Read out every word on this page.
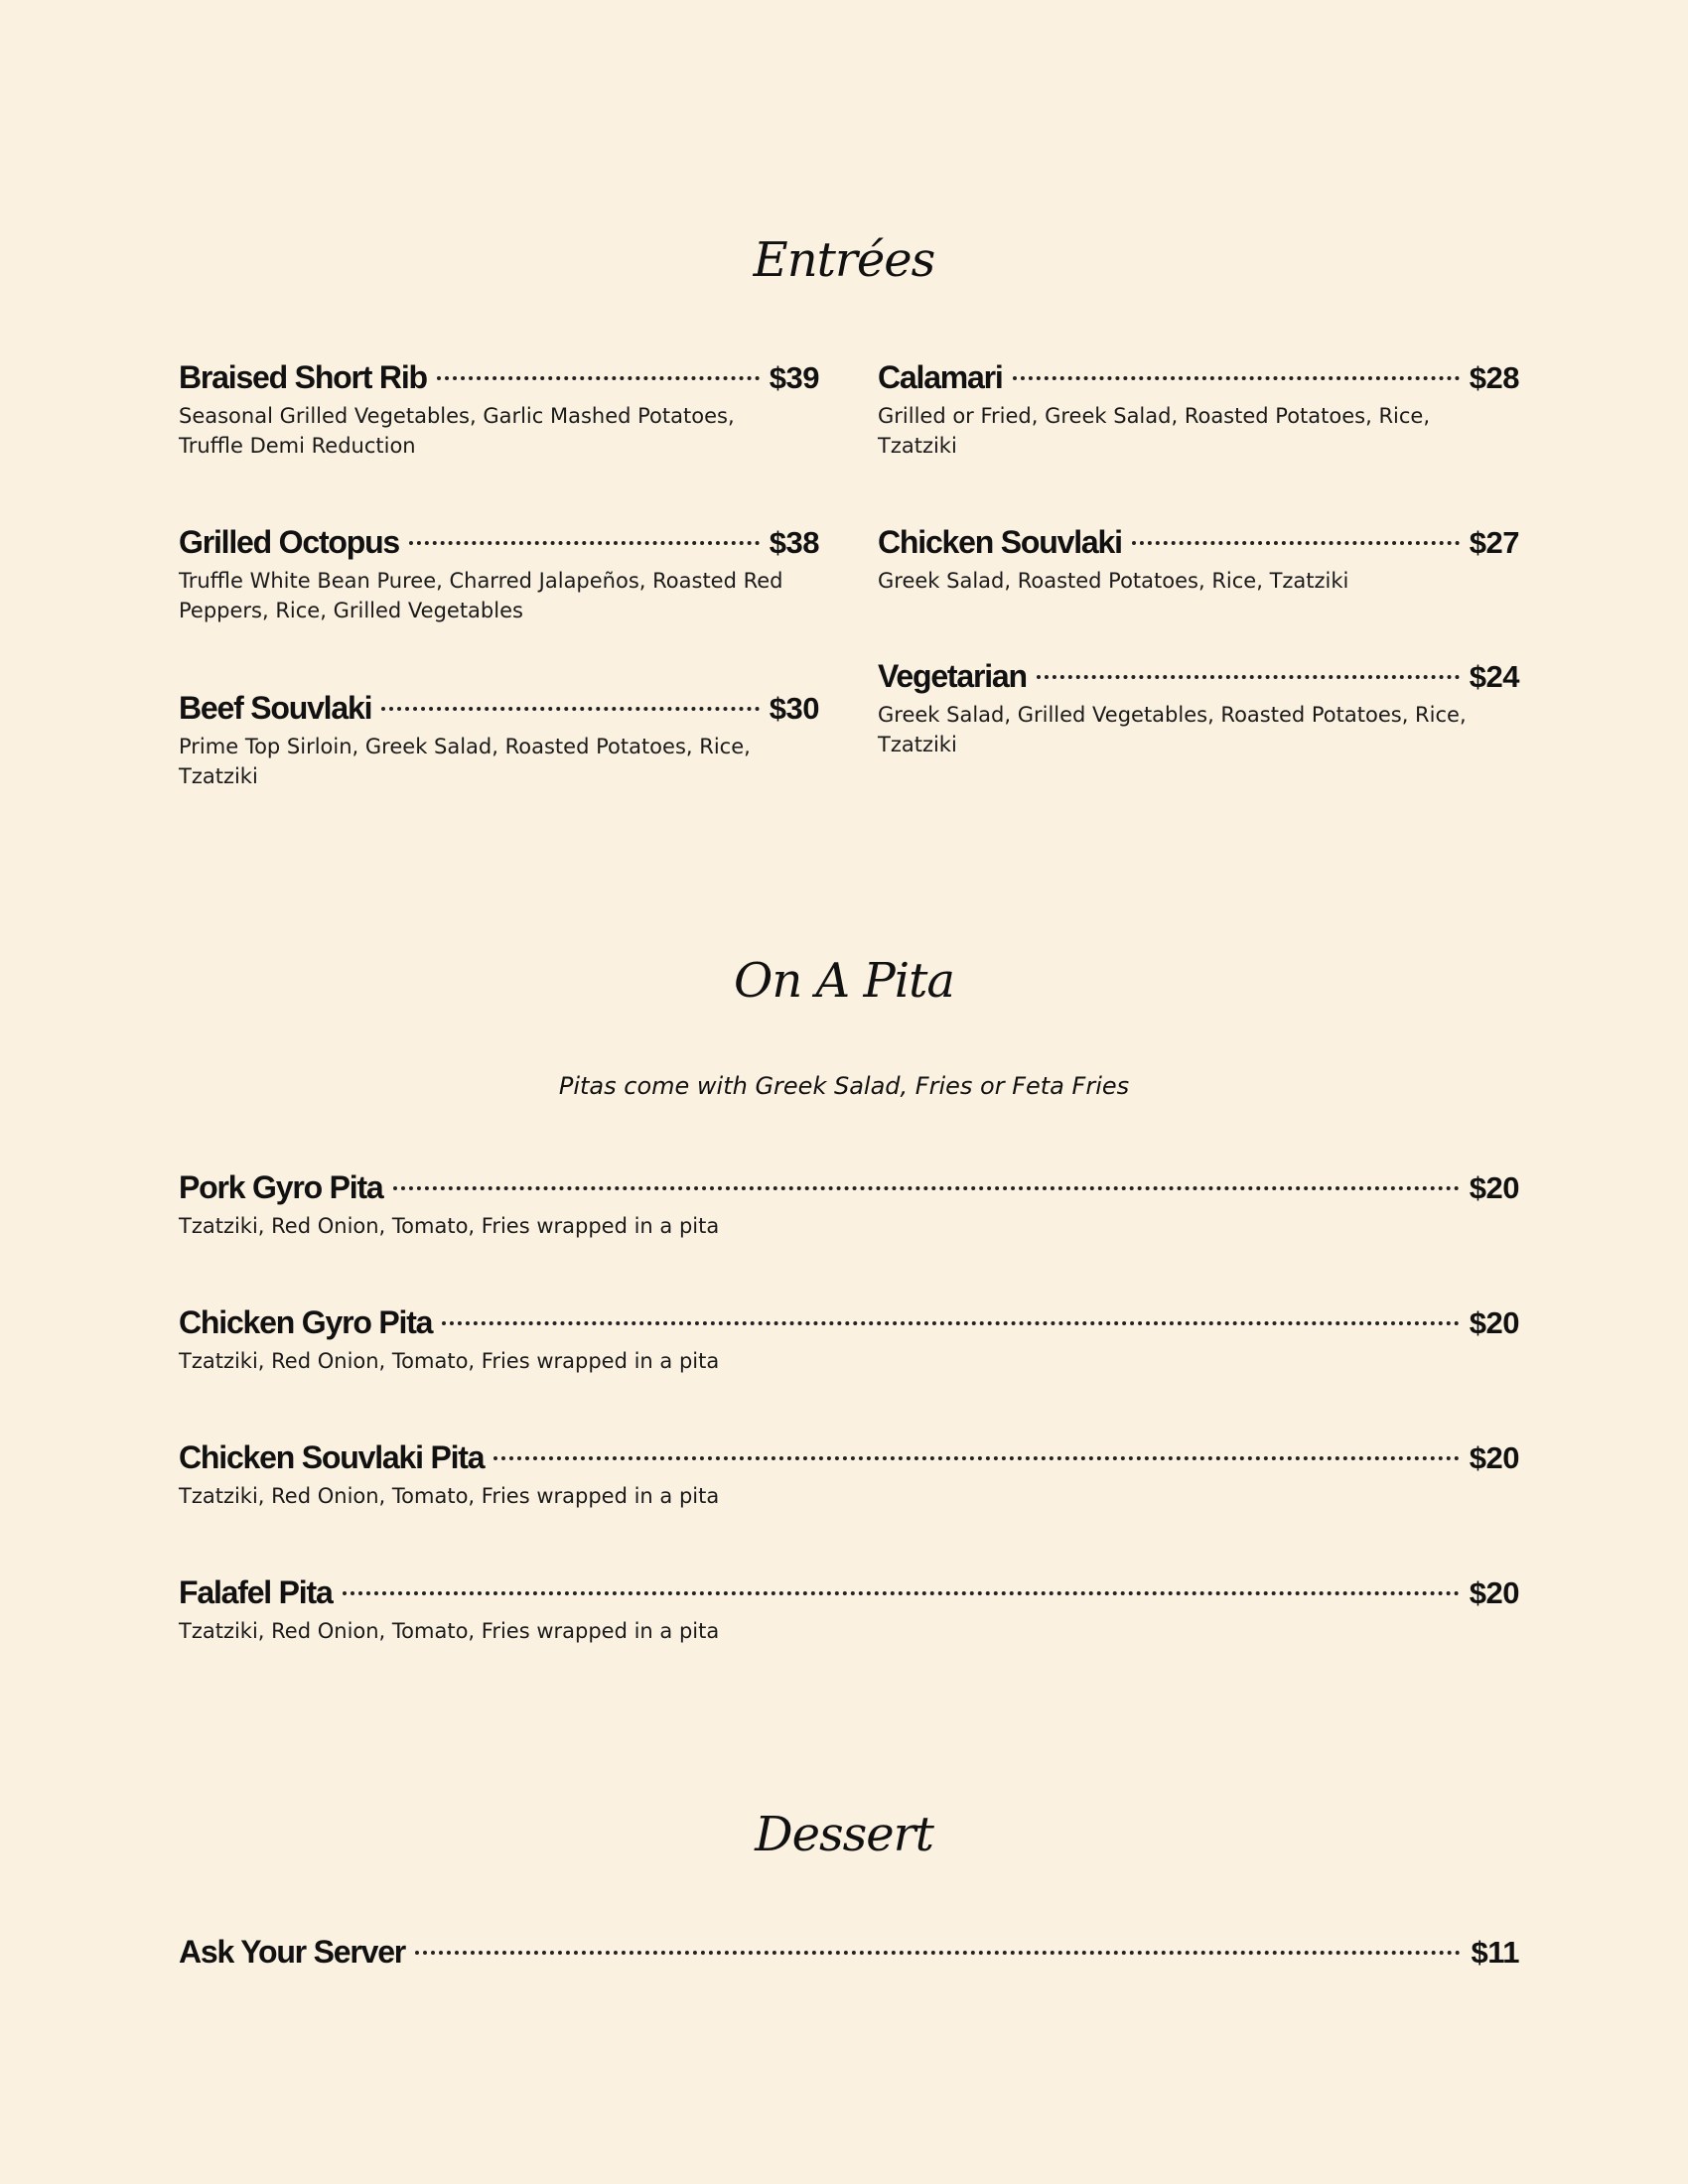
Entrées
Braised Short Rib	$39
Seasonal Grilled Vegetables, Garlic Mashed Potatoes, Truffle Demi Reduction
Calamari	$28
Grilled or Fried, Greek Salad, Roasted Potatoes, Rice, Tzatziki
Grilled Octopus	$38
Truffle White Bean Puree, Charred Jalapeños, Roasted Red Peppers, Rice, Grilled Vegetables
Chicken Souvlaki	$27
Greek Salad, Roasted Potatoes, Rice, Tzatziki
Vegetarian	$24
Greek Salad, Grilled Vegetables, Roasted Potatoes, Rice, Tzatziki
Beef Souvlaki	$30
Prime Top Sirloin, Greek Salad, Roasted Potatoes, Rice, Tzatziki
On A Pita
Pitas come with Greek Salad, Fries or Feta Fries
Pork Gyro Pita	$20
Tzatziki, Red Onion, Tomato, Fries wrapped in a pita
Chicken Gyro Pita	$20
Tzatziki, Red Onion, Tomato, Fries wrapped in a pita
Chicken Souvlaki Pita	$20
Tzatziki, Red Onion, Tomato, Fries wrapped in a pita
Falafel Pita	$20
Tzatziki, Red Onion, Tomato, Fries wrapped in a pita
Dessert
Ask Your Server	$11
